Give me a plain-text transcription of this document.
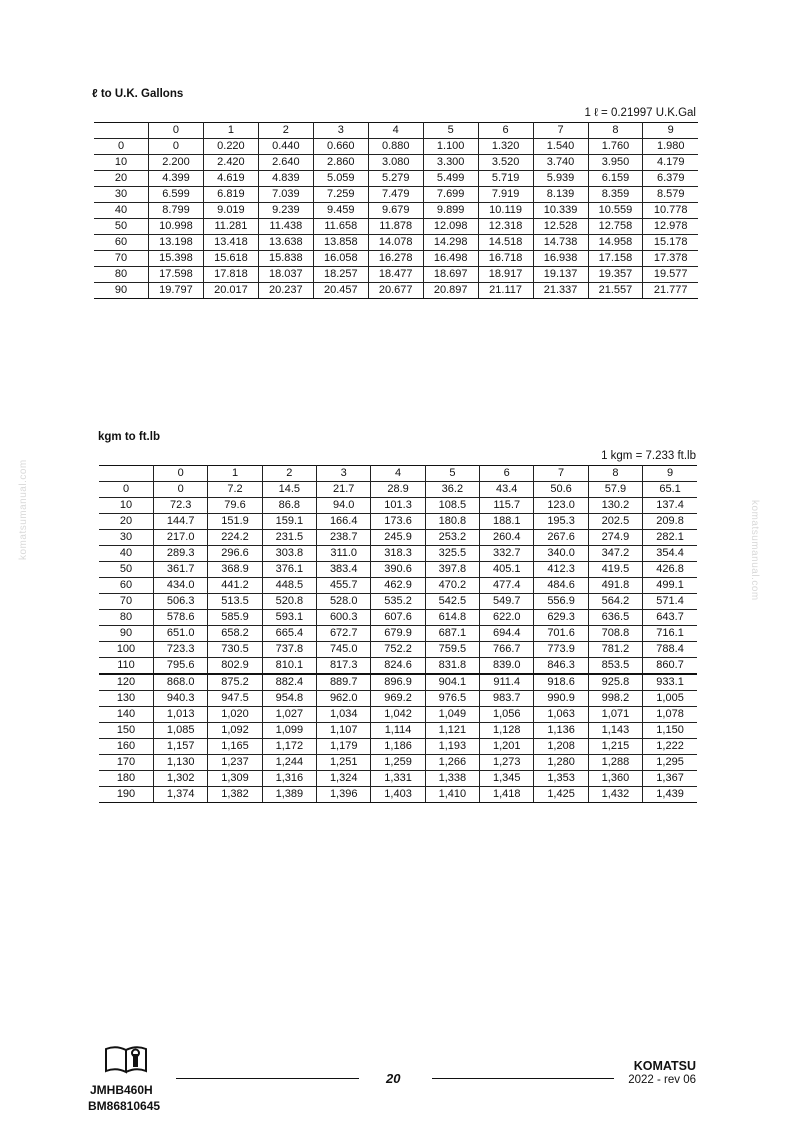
ℓ to U.K. Gallons
1 ℓ = 0.21997 U.K.Gal
	0	1	2	3	4	5	6	7	8	9
0	0	0.220	0.440	0.660	0.880	1.100	1.320	1.540	1.760	1.980
10	2.200	2.420	2.640	2.860	3.080	3.300	3.520	3.740	3.950	4.179
20	4.399	4.619	4.839	5.059	5.279	5.499	5.719	5.939	6.159	6.379
30	6.599	6.819	7.039	7.259	7.479	7.699	7.919	8.139	8.359	8.579
40	8.799	9.019	9.239	9.459	9.679	9.899	10.119	10.339	10.559	10.778
50	10.998	11.281	11.438	11.658	11.878	12.098	12.318	12.528	12.758	12.978
60	13.198	13.418	13.638	13.858	14.078	14.298	14.518	14.738	14.958	15.178
70	15.398	15.618	15.838	16.058	16.278	16.498	16.718	16.938	17.158	17.378
80	17.598	17.818	18.037	18.257	18.477	18.697	18.917	19.137	19.357	19.577
90	19.797	20.017	20.237	20.457	20.677	20.897	21.117	21.337	21.557	21.777
kgm to ft.lb
1 kgm = 7.233 ft.lb
	0	1	2	3	4	5	6	7	8	9
0	0	7.2	14.5	21.7	28.9	36.2	43.4	50.6	57.9	65.1
10	72.3	79.6	86.8	94.0	101.3	108.5	115.7	123.0	130.2	137.4
20	144.7	151.9	159.1	166.4	173.6	180.8	188.1	195.3	202.5	209.8
30	217.0	224.2	231.5	238.7	245.9	253.2	260.4	267.6	274.9	282.1
40	289.3	296.6	303.8	311.0	318.3	325.5	332.7	340.0	347.2	354.4
50	361.7	368.9	376.1	383.4	390.6	397.8	405.1	412.3	419.5	426.8
60	434.0	441.2	448.5	455.7	462.9	470.2	477.4	484.6	491.8	499.1
70	506.3	513.5	520.8	528.0	535.2	542.5	549.7	556.9	564.2	571.4
80	578.6	585.9	593.1	600.3	607.6	614.8	622.0	629.3	636.5	643.7
90	651.0	658.2	665.4	672.7	679.9	687.1	694.4	701.6	708.8	716.1
100	723.3	730.5	737.8	745.0	752.2	759.5	766.7	773.9	781.2	788.4
110	795.6	802.9	810.1	817.3	824.6	831.8	839.0	846.3	853.5	860.7
120	868.0	875.2	882.4	889.7	896.9	904.1	911.4	918.6	925.8	933.1
130	940.3	947.5	954.8	962.0	969.2	976.5	983.7	990.9	998.2	1,005
140	1,013	1,020	1,027	1,034	1,042	1,049	1,056	1,063	1,071	1,078
150	1,085	1,092	1,099	1,107	1,114	1,121	1,128	1,136	1,143	1,150
160	1,157	1,165	1,172	1,179	1,186	1,193	1,201	1,208	1,215	1,222
170	1,130	1,237	1,244	1,251	1,259	1,266	1,273	1,280	1,288	1,295
180	1,302	1,309	1,316	1,324	1,331	1,338	1,345	1,353	1,360	1,367
190	1,374	1,382	1,389	1,396	1,403	1,410	1,418	1,425	1,432	1,439
komatsumanual.com	komatsumanual.com
JMHB460H
BM86810645
20
KOMATSU
2022 - rev 06
